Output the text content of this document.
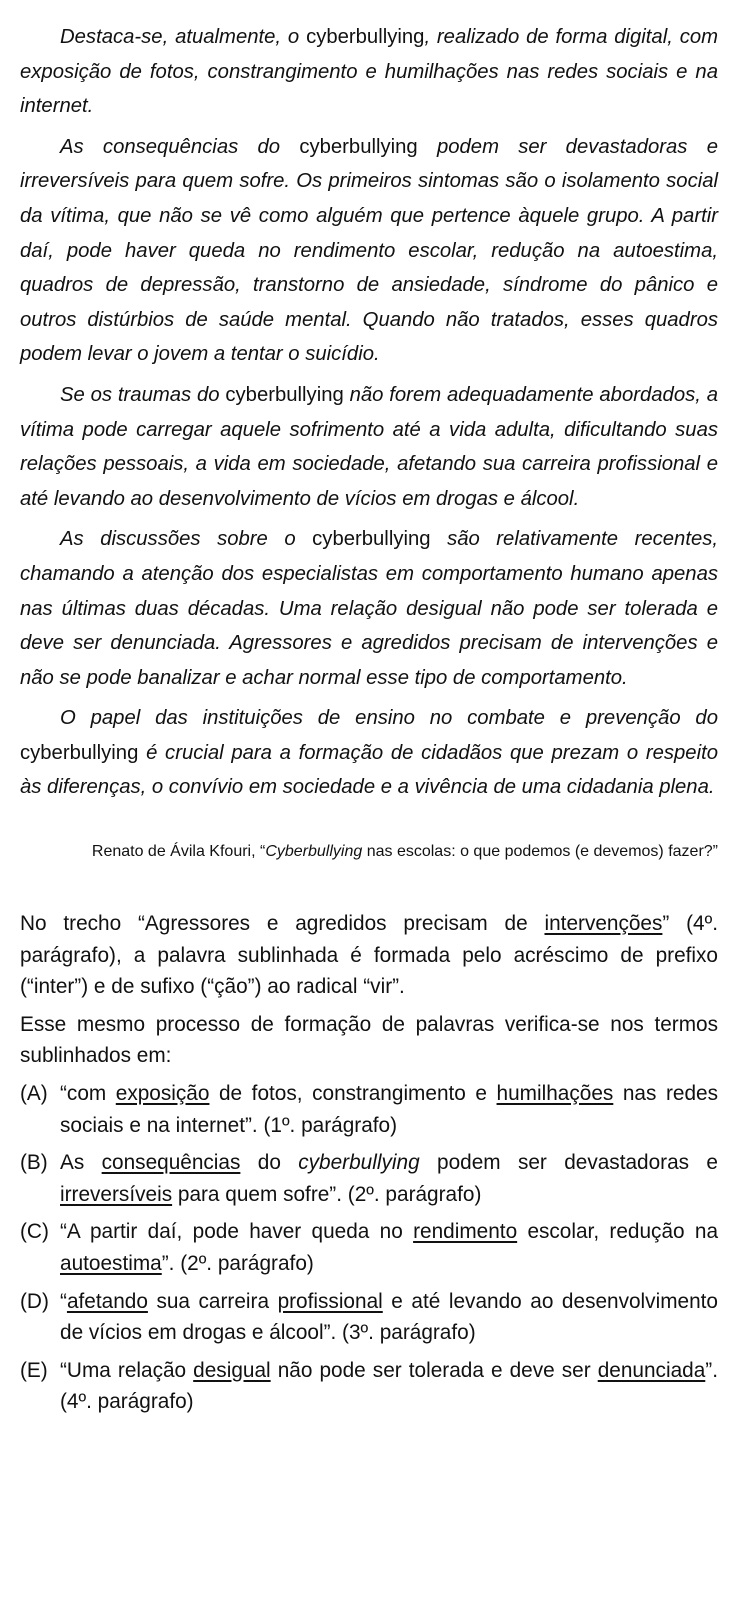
Destaca-se, atualmente, o cyberbullying, realizado de forma digital, com exposição de fotos, constrangimento e humilhações nas redes sociais e na internet.

As consequências do cyberbullying podem ser devastadoras e irreversíveis para quem sofre. Os primeiros sintomas são o isolamento social da vítima, que não se vê como alguém que pertence àquele grupo. A partir daí, pode haver queda no rendimento escolar, redução na autoestima, quadros de depressão, transtorno de ansiedade, síndrome do pânico e outros distúrbios de saúde mental. Quando não tratados, esses quadros podem levar o jovem a tentar o suicídio.

Se os traumas do cyberbullying não forem adequadamente abordados, a vítima pode carregar aquele sofrimento até a vida adulta, dificultando suas relações pessoais, a vida em sociedade, afetando sua carreira profissional e até levando ao desenvolvimento de vícios em drogas e álcool.

As discussões sobre o cyberbullying são relativamente recentes, chamando a atenção dos especialistas em comportamento humano apenas nas últimas duas décadas. Uma relação desigual não pode ser tolerada e deve ser denunciada. Agressores e agredidos precisam de intervenções e não se pode banalizar e achar normal esse tipo de comportamento.

O papel das instituições de ensino no combate e prevenção do cyberbullying é crucial para a formação de cidadãos que prezam o respeito às diferenças, o convívio em sociedade e a vivência de uma cidadania plena.

Renato de Ávila Kfouri, “Cyberbullying nas escolas: o que podemos (e devemos) fazer?”

No trecho “Agressores e agredidos precisam de intervenções” (4º. parágrafo), a palavra sublinhada é formada pelo acréscimo de prefixo (“inter”) e de sufixo (“ção”) ao radical “vir”.

Esse mesmo processo de formação de palavras verifica-se nos termos sublinhados em:

(A) “com exposição de fotos, constrangimento e humilhações nas redes sociais e na internet”. (1º. parágrafo)
(B) As consequências do cyberbullying podem ser devastadoras e irreversíveis para quem sofre”. (2º. parágrafo)
(C) “A partir daí, pode haver queda no rendimento escolar, redução na autoestima”. (2º. parágrafo)
(D) “afetando sua carreira profissional e até levando ao desenvolvimento de vícios em drogas e álcool”. (3º. parágrafo)
(E) “Uma relação desigual não pode ser tolerada e deve ser denunciada”. (4º. parágrafo)
